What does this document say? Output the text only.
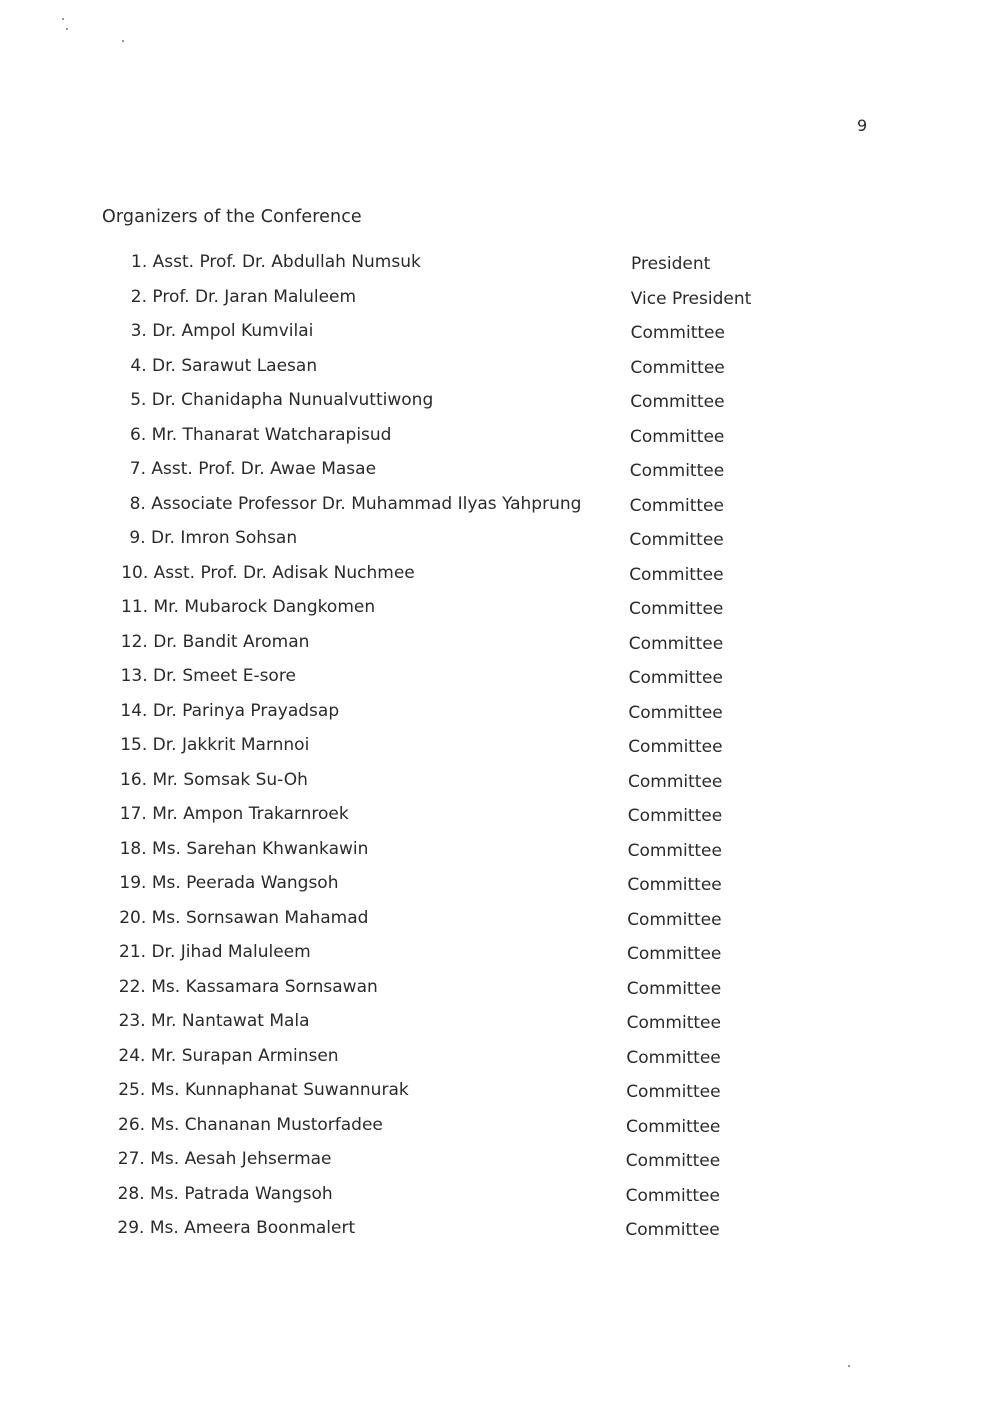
9
Organizers of the Conference
1. Asst. Prof. Dr. Abdullah Numsuk	President
2. Prof. Dr. Jaran Maluleem	Vice President
3. Dr. Ampol Kumvilai	Committee
4. Dr. Sarawut Laesan	Committee
5. Dr. Chanidapha Nunualvuttiwong	Committee
6. Mr. Thanarat Watcharapisud	Committee
7. Asst. Prof. Dr. Awae Masae	Committee
8. Associate Professor Dr. Muhammad Ilyas Yahprung	Committee
9. Dr. Imron Sohsan	Committee
10. Asst. Prof. Dr. Adisak Nuchmee	Committee
11. Mr. Mubarock Dangkomen	Committee
12. Dr. Bandit Aroman	Committee
13. Dr. Smeet E-sore	Committee
14. Dr. Parinya Prayadsap	Committee
15. Dr. Jakkrit Marnnoi	Committee
16. Mr. Somsak Su-Oh	Committee
17. Mr. Ampon Trakarnroek	Committee
18. Ms. Sarehan Khwankawin	Committee
19. Ms. Peerada Wangsoh	Committee
20. Ms. Sornsawan Mahamad	Committee
21. Dr. Jihad Maluleem	Committee
22. Ms. Kassamara Sornsawan	Committee
23. Mr. Nantawat Mala	Committee
24. Mr. Surapan Arminsen	Committee
25. Ms. Kunnaphanat Suwannurak	Committee
26. Ms. Chananan Mustorfadee	Committee
27. Ms. Aesah Jehsermae	Committee
28. Ms. Patrada Wangsoh	Committee
29. Ms. Ameera Boonmalert	Committee
